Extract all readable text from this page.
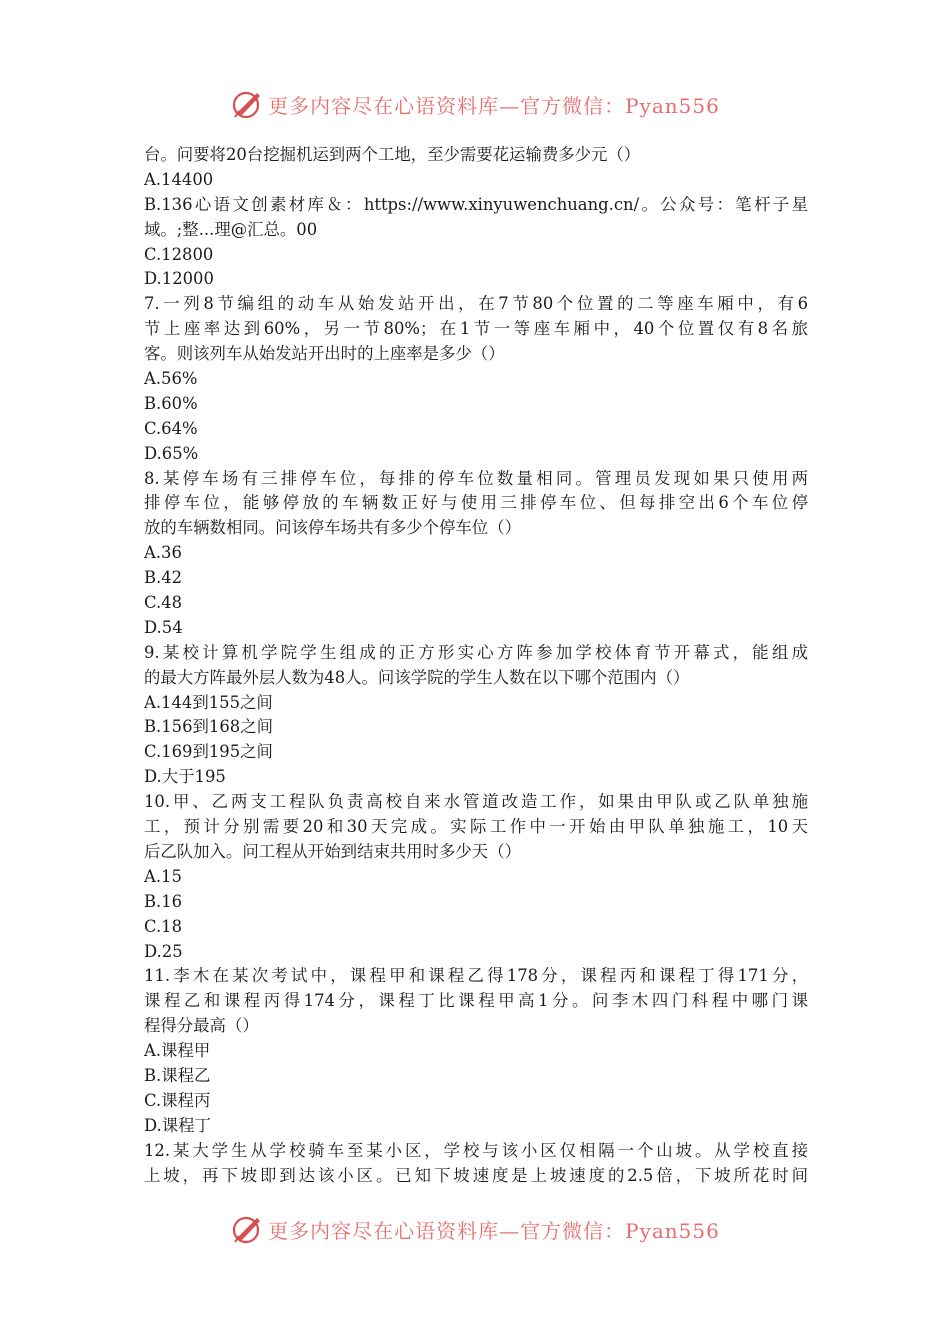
更多内容尽在心语资料库—官方微信：Pyan556
台。问要将20台挖掘机运到两个工地，至少需要花运输费多少元（）
A.14400
B.136心语文创素材库＆：https://www.xinyuwenchuang.cn/。公众号：笔杆子星
域。;整...理@汇总。00
C.12800
D.12000
7.一列8节编组的动车从始发站开出，在7节80个位置的二等座车厢中，有6
节上座率达到60%，另一节80%；在1节一等座车厢中，40个位置仅有8名旅
客。则该列车从始发站开出时的上座率是多少（）
A.56%
B.60%
C.64%
D.65%
8.某停车场有三排停车位，每排的停车位数量相同。管理员发现如果只使用两
排停车位，能够停放的车辆数正好与使用三排停车位、但每排空出6个车位停
放的车辆数相同。问该停车场共有多少个停车位（）
A.36
B.42
C.48
D.54
9.某校计算机学院学生组成的正方形实心方阵参加学校体育节开幕式，能组成
的最大方阵最外层人数为48人。问该学院的学生人数在以下哪个范围内（）
A.144到155之间
B.156到168之间
C.169到195之间
D.大于195
10.甲、乙两支工程队负责高校自来水管道改造工作，如果由甲队或乙队单独施
工，预计分别需要20和30天完成。实际工作中一开始由甲队单独施工，10天
后乙队加入。问工程从开始到结束共用时多少天（）
A.15
B.16
C.18
D.25
11.李木在某次考试中，课程甲和课程乙得178分，课程丙和课程丁得171分，
课程乙和课程丙得174分，课程丁比课程甲高1分。问李木四门科程中哪门课
程得分最高（）
A.课程甲
B.课程乙
C.课程丙
D.课程丁
12.某大学生从学校骑车至某小区，学校与该小区仅相隔一个山坡。从学校直接
上坡，再下坡即到达该小区。已知下坡速度是上坡速度的2.5倍，下坡所花时间
更多内容尽在心语资料库—官方微信：Pyan556
